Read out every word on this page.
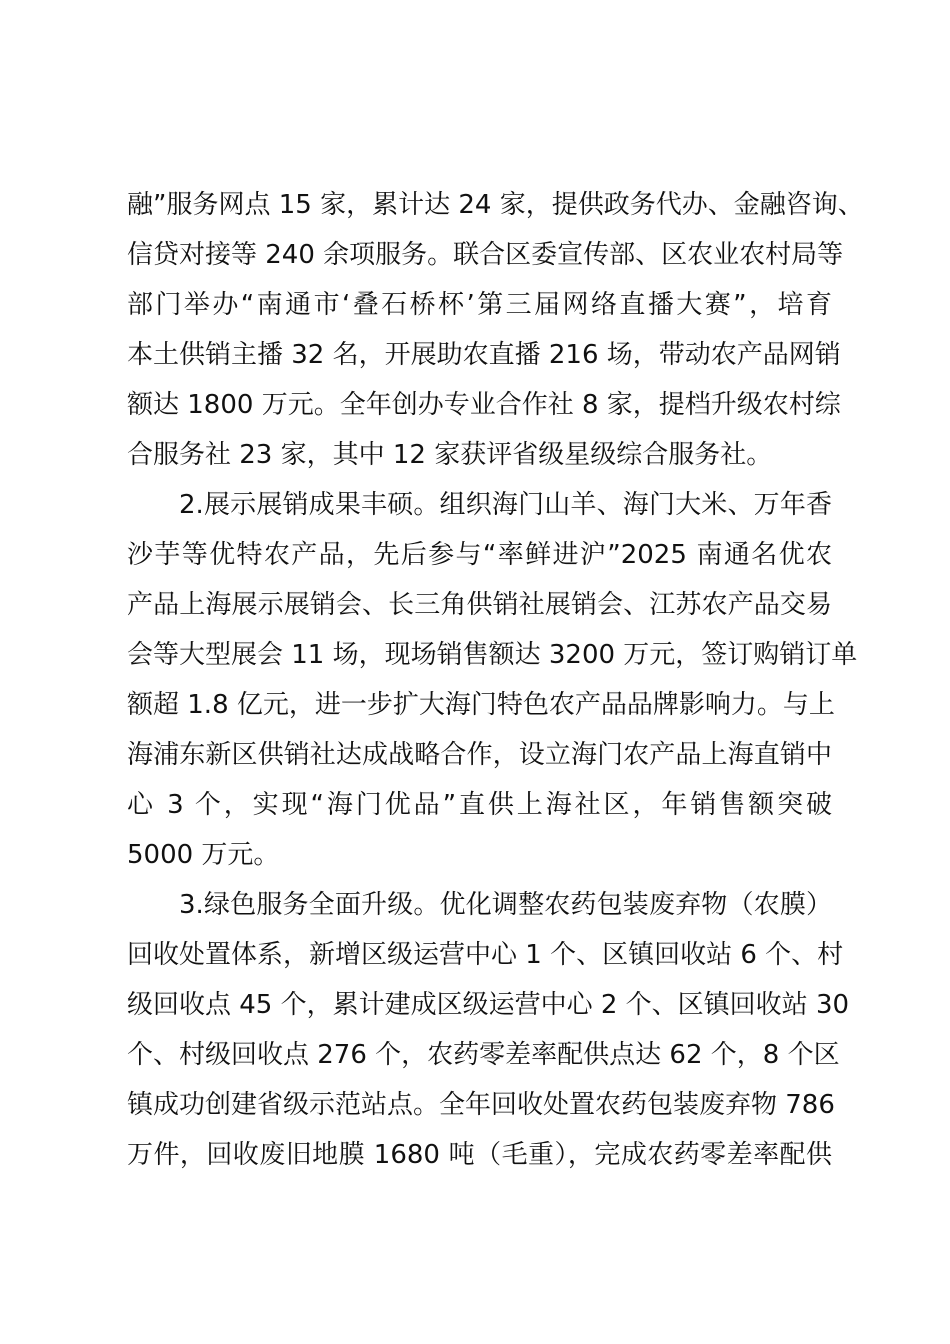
融”服务网点 15 家，累计达 24 家，提供政务代办、金融咨询、
信贷对接等 240 余项服务。联合区委宣传部、区农业农村局等
部门举办“南通市‘叠石桥杯’第三届网络直播大赛”，培育
本土供销主播 32 名，开展助农直播 216 场，带动农产品网销
额达 1800 万元。全年创办专业合作社 8 家，提档升级农村综
合服务社 23 家，其中 12 家获评省级星级综合服务社。
2.展示展销成果丰硕。组织海门山羊、海门大米、万年香
沙芋等优特农产品，先后参与“率鲜进沪”2025 南通名优农
产品上海展示展销会、长三角供销社展销会、江苏农产品交易
会等大型展会 11 场，现场销售额达 3200 万元，签订购销订单
额超 1.8 亿元，进一步扩大海门特色农产品品牌影响力。与上
海浦东新区供销社达成战略合作，设立海门农产品上海直销中
心 3 个，实现“海门优品”直供上海社区，年销售额突破
5000 万元。
3.绿色服务全面升级。优化调整农药包装废弃物（农膜）
回收处置体系，新增区级运营中心 1 个、区镇回收站 6 个、村
级回收点 45 个，累计建成区级运营中心 2 个、区镇回收站 30
个、村级回收点 276 个，农药零差率配供点达 62 个，8 个区
镇成功创建省级示范站点。全年回收处置农药包装废弃物 786
万件，回收废旧地膜 1680 吨（毛重），完成农药零差率配供
